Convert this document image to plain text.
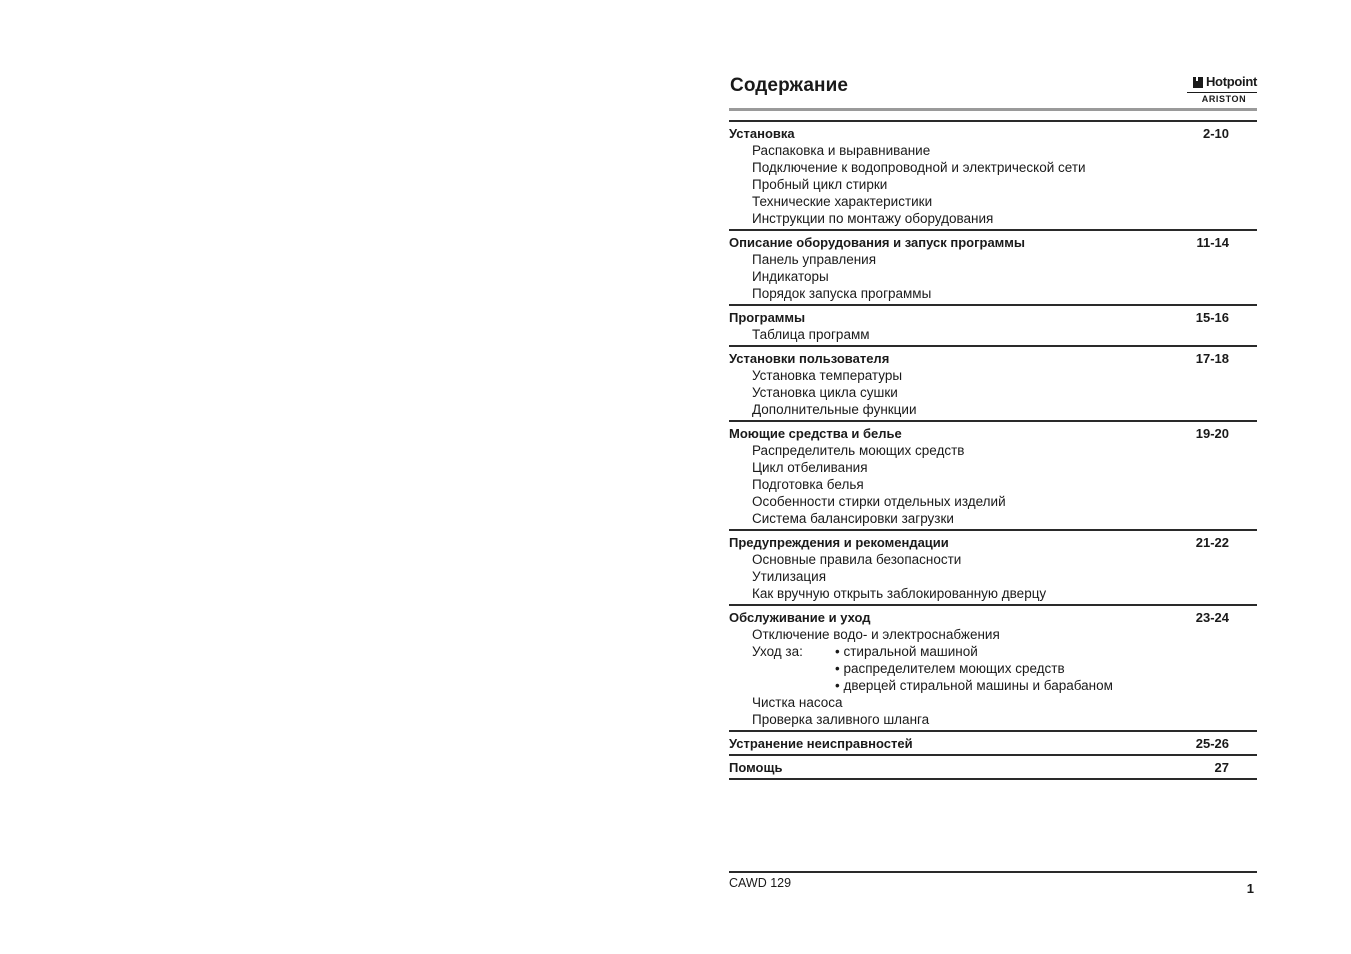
Содержание	Hotpoint
ARISTON
Установка	2-10
Распаковка и выравнивание
Подключение к водопроводной и электрической сети
Пробный цикл стирки
Технические характеристики
Инструкции по монтажу оборудования
Описание оборудования и запуск программы	11-14
Панель управления
Индикаторы
Порядок запуска программы
Программы	15-16
Таблица программ
Установки пользователя	17-18
Установка температуры
Установка цикла сушки
Дополнительные функции
Моющие средства и белье	19-20
Распределитель моющих средств
Цикл отбеливания
Подготовка белья
Особенности стирки отдельных изделий
Система балансировки загрузки
Предупреждения и рекомендации	21-22
Основные правила безопасности
Утилизация
Как вручную открыть заблокированную дверцу
Обслуживание и уход	23-24
Отключение водо- и электроснабжения
Уход за:	• стиральной машиной
• распределителем моющих средств
• дверцей стиральной машины и барабаном
Чистка насоса
Проверка заливного шланга
Устранение неисправностей	25-26
Помощь	27
CAWD 129	1
